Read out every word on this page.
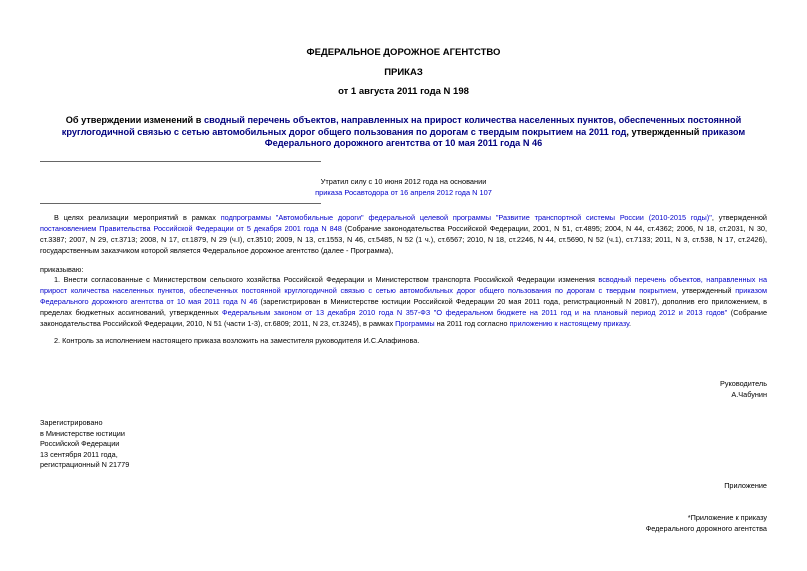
ФЕДЕРАЛЬНОЕ ДОРОЖНОЕ АГЕНТСТВО
ПРИКАЗ
от 1 августа 2011 года N 198
Об утверждении изменений в сводный перечень объектов, направленных на прирост количества населенных пунктов, обеспеченных постоянной круглогодичной связью с сетью автомобильных дорог общего пользования по дорогам с твердым покрытием на 2011 год, утвержденный приказом Федерального дорожного агентства от 10 мая 2011 года N 46
Утратил силу с 10 июня 2012 года на основании
приказа Росавтодора от 16 апреля 2012 года N 107
В целях реализации мероприятий в рамках подпрограммы "Автомобильные дороги" федеральной целевой программы "Развитие транспортной системы России (2010-2015 годы)", утвержденной постановлением Правительства Российской Федерации от 5 декабря 2001 года N 848 (Собрание законодательства Российской Федерации, 2001, N 51, ст.4895; 2004, N 44, ст.4362; 2006, N 18, ст.2031, N 30, ст.3387; 2007, N 29, ст.3713; 2008, N 17, ст.1879, N 29 (ч.I), ст.3510; 2009, N 13, ст.1553, N 46, ст.5485, N 52 (1 ч.), ст.6567; 2010, N 18, ст.2246, N 44, ст.5690, N 52 (ч.1), ст.7133; 2011, N 3, ст.538, N 17, ст.2426), государственным заказчиком которой является Федеральное дорожное агентство (далее - Программа),
приказываю:
1. Внести согласованные с Министерством сельского хозяйства Российской Федерации и Министерством транспорта Российской Федерации изменения всводный перечень объектов, направленных на прирост количества населенных пунктов, обеспеченных постоянной круглогодичной связью с сетью автомобильных дорог общего пользования по дорогам с твердым покрытием, утвержденный приказом Федерального дорожного агентства от 10 мая 2011 года N 46 (зарегистрирован в Министерстве юстиции Российской Федерации 20 мая 2011 года, регистрационный N 20817), дополнив его приложением, в пределах бюджетных ассигнований, утвержденных Федеральным законом от 13 декабря 2010 года N 357-ФЗ "О федеральном бюджете на 2011 год и на плановый период 2012 и 2013 годов" (Собрание законодательства Российской Федерации, 2010, N 51 (части 1-3), ст.6809; 2011, N 23, ст.3245), в рамках Программы на 2011 год согласно приложению к настоящему приказу.
2. Контроль за исполнением настоящего приказа возложить на заместителя руководителя И.С.Алафинова.
Руководитель
А.Чабунин
Зарегистрировано
в Министерстве юстиции
Российской Федерации
13 сентября 2011 года,
регистрационный N 21779
Приложение
*Приложение к приказу
Федерального дорожного агентства
